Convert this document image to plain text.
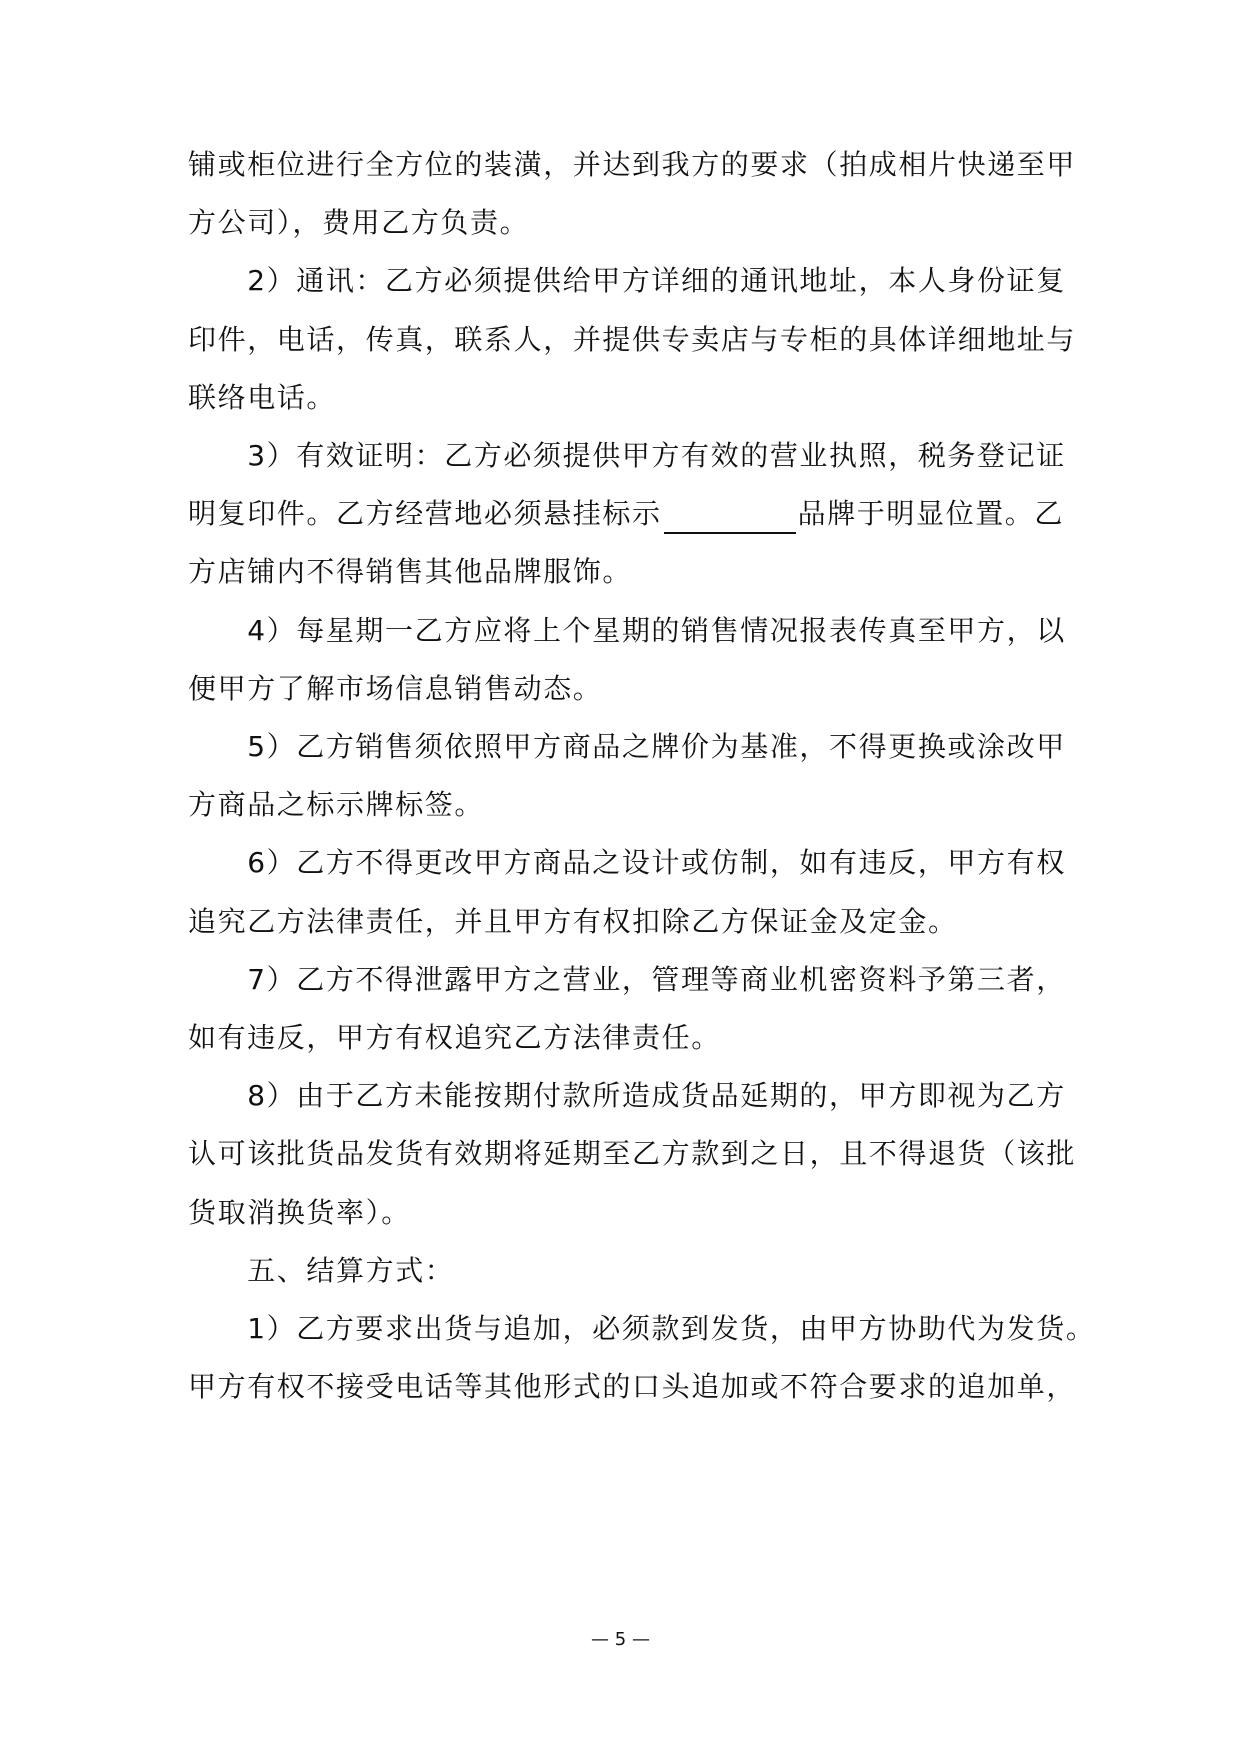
铺或柜位进行全方位的装潢，并达到我方的要求（拍成相片快递至甲
方公司），费用乙方负责。
　　2）通讯：乙方必须提供给甲方详细的通讯地址，本人身份证复
印件，电话，传真，联系人，并提供专卖店与专柜的具体详细地址与
联络电话。
　　3）有效证明：乙方必须提供甲方有效的营业执照，税务登记证
明复印件。乙方经营地必须悬挂标示	品牌于明显位置。乙
方店铺内不得销售其他品牌服饰。
　　4）每星期一乙方应将上个星期的销售情况报表传真至甲方，以
便甲方了解市场信息销售动态。
　　5）乙方销售须依照甲方商品之牌价为基准，不得更换或涂改甲
方商品之标示牌标签。
　　6）乙方不得更改甲方商品之设计或仿制，如有违反，甲方有权
追究乙方法律责任，并且甲方有权扣除乙方保证金及定金。
　　7）乙方不得泄露甲方之营业，管理等商业机密资料予第三者，
如有违反，甲方有权追究乙方法律责任。
　　8）由于乙方未能按期付款所造成货品延期的，甲方即视为乙方
认可该批货品发货有效期将延期至乙方款到之日，且不得退货（该批
货取消换货率）。
　　五、结算方式：
　　1）乙方要求出货与追加，必须款到发货，由甲方协助代为发货。
甲方有权不接受电话等其他形式的口头追加或不符合要求的追加单，
— 5 —
